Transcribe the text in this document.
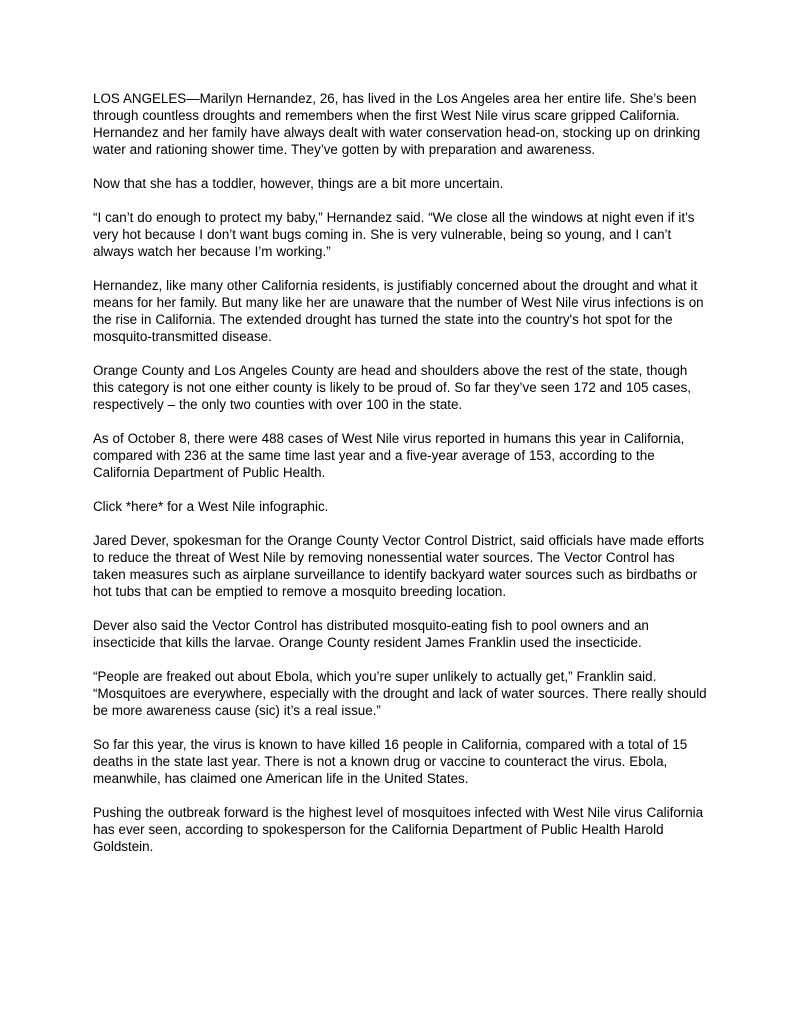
LOS ANGELES—Marilyn Hernandez, 26, has lived in the Los Angeles area her entire life. She’s been through countless droughts and remembers when the first West Nile virus scare gripped California. Hernandez and her family have always dealt with water conservation head-on, stocking up on drinking water and rationing shower time. They’ve gotten by with preparation and awareness.

Now that she has a toddler, however, things are a bit more uncertain.

“I can’t do enough to protect my baby,” Hernandez said. “We close all the windows at night even if it’s very hot because I don’t want bugs coming in. She is very vulnerable, being so young, and I can’t always watch her because I’m working.”

Hernandez, like many other California residents, is justifiably concerned about the drought and what it means for her family. But many like her are unaware that the number of West Nile virus infections is on the rise in California. The extended drought has turned the state into the country's hot spot for the mosquito-transmitted disease.

Orange County and Los Angeles County are head and shoulders above the rest of the state, though this category is not one either county is likely to be proud of. So far they’ve seen 172 and 105 cases, respectively – the only two counties with over 100 in the state.

As of October 8, there were 488 cases of West Nile virus reported in humans this year in California, compared with 236 at the same time last year and a five-year average of 153, according to the California Department of Public Health.

Click *here* for a West Nile infographic.

Jared Dever, spokesman for the Orange County Vector Control District, said officials have made efforts to reduce the threat of West Nile by removing nonessential water sources. The Vector Control has taken measures such as airplane surveillance to identify backyard water sources such as birdbaths or hot tubs that can be emptied to remove a mosquito breeding location.

Dever also said the Vector Control has distributed mosquito-eating fish to pool owners and an insecticide that kills the larvae. Orange County resident James Franklin used the insecticide.

“People are freaked out about Ebola, which you’re super unlikely to actually get,” Franklin said. “Mosquitoes are everywhere, especially with the drought and lack of water sources. There really should be more awareness cause (sic) it’s a real issue.”

So far this year, the virus is known to have killed 16 people in California, compared with a total of 15 deaths in the state last year. There is not a known drug or vaccine to counteract the virus. Ebola, meanwhile, has claimed one American life in the United States.

Pushing the outbreak forward is the highest level of mosquitoes infected with West Nile virus California has ever seen, according to spokesperson for the California Department of Public Health Harold Goldstein.
